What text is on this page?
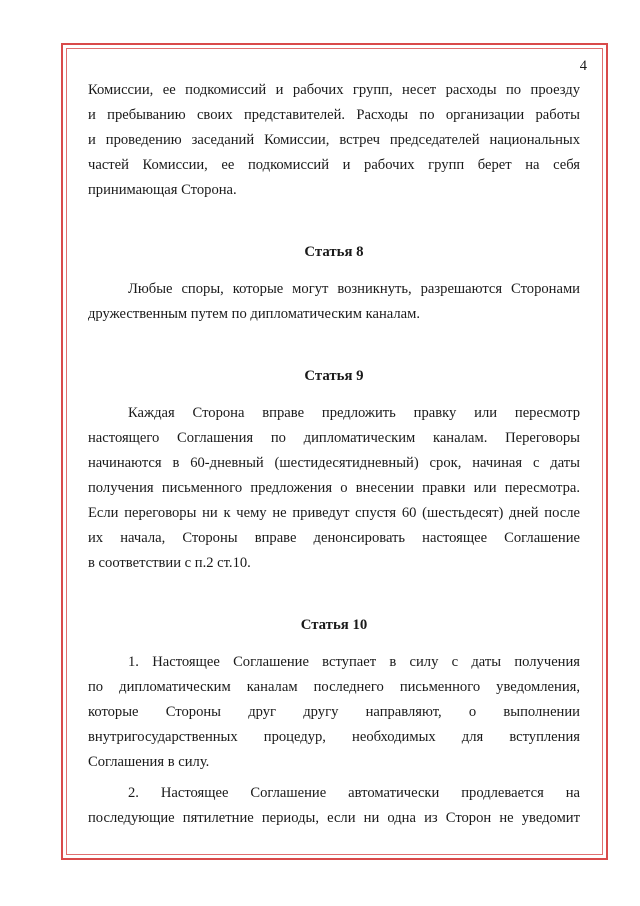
4
Комиссии, ее подкомиссий и рабочих групп, несет расходы по проезду
и пребыванию своих представителей. Расходы по организации работы
и проведению заседаний Комиссии, встреч председателей национальных
частей Комиссии, ее подкомиссий и рабочих групп берет на себя
принимающая Сторона.
Статья 8
Любые споры, которые могут возникнуть, разрешаются Сторонами
дружественным путем по дипломатическим каналам.
Статья 9
Каждая Сторона вправе предложить правку или пересмотр
настоящего Соглашения по дипломатическим каналам. Переговоры
начинаются в 60-дневный (шестидесятидневный) срок, начиная с даты
получения письменного предложения о внесении правки или пересмотра.
Если переговоры ни к чему не приведут спустя 60 (шестьдесят) дней после
их начала, Стороны вправе денонсировать настоящее Соглашение
в соответствии с п.2 ст.10.
Статья 10
1. Настоящее Соглашение вступает в силу с даты получения
по дипломатическим каналам последнего письменного уведомления,
которые Стороны друг другу направляют, о выполнении
внутригосударственных процедур, необходимых для вступления
Соглашения в силу.
2. Настоящее Соглашение автоматически продлевается на
последующие пятилетние периоды, если ни одна из Сторон не уведомит
